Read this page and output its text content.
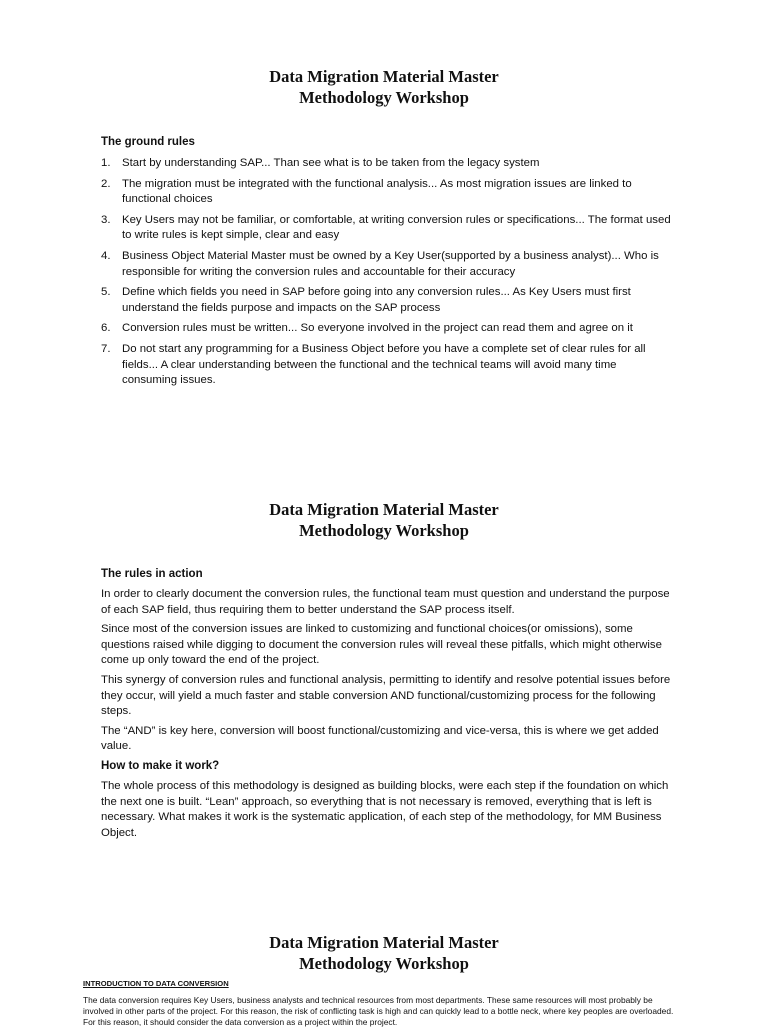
Data Migration Material Master
Methodology Workshop
The ground rules
1. Start by understanding SAP... Than see what is to be taken from the legacy system
2. The migration must be integrated with the functional analysis... As most migration issues are linked to functional choices
3. Key Users may not be familiar, or comfortable, at writing conversion rules or specifications... The format used to write rules is kept simple, clear and easy
4. Business Object Material Master must be owned by a Key User(supported by a business analyst)... Who is responsible for writing the conversion rules and accountable for their accuracy
5. Define which fields you need in SAP before going into any conversion rules... As Key Users must first understand the fields purpose and impacts on the SAP process
6. Conversion rules must be written... So everyone involved in the project can read them and agree on it
7. Do not start any programming for a Business Object before you have a complete set of clear rules for all fields... A clear understanding between the functional and the technical teams will avoid many time consuming issues.
Data Migration Material Master
Methodology Workshop
The rules in action

In order to clearly document the conversion rules, the functional team must question and understand the purpose of each SAP field, thus requiring them to better understand the SAP process itself.

Since most of the conversion issues are linked to customizing and functional choices(or omissions), some questions raised while digging to document the conversion rules will reveal these pitfalls, which might otherwise come up only toward the end of the project.

This synergy of conversion rules and functional analysis, permitting to identify and resolve potential issues before they occur, will yield a much faster and stable conversion AND functional/customizing process for the following steps.

The “AND” is key here, conversion will boost functional/customizing and vice-versa, this is where we get added value.

How to make it work?

The whole process of this methodology is designed as building blocks, were each step if the foundation on which the next one is built. “Lean” approach, so everything that is not necessary is removed, everything that is left is necessary. What makes it work is the systematic application, of each step of the methodology, for MM Business Object.

Data Migration Material Master
Methodology Workshop
INTRODUCTION TO DATA CONVERSION

The data conversion requires Key Users, business analysts and technical resources from most departments. These same resources will most probably be involved in other parts of the project. For this reason, the risk of conflicting task is high and can quickly lead to a bottle neck, where key peoples are overloaded. For this reason, it should consider the data conversion as a project within the project.
